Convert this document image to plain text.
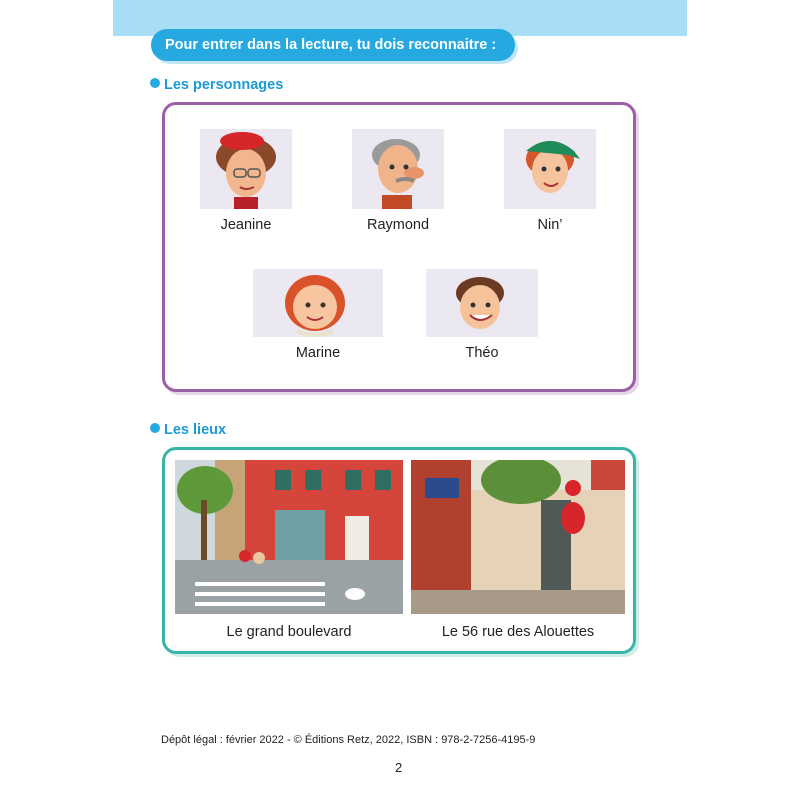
Pour entrer dans la lecture, tu dois reconnaitre :
Les personnages
Jeanine	Raymond	Nin’
Marine	Théo
Les lieux
Le grand boulevard	Le 56 rue des Alouettes
Dépôt légal : février 2022 - © Éditions Retz, 2022, ISBN : 978-2-7256-4195-9
2
